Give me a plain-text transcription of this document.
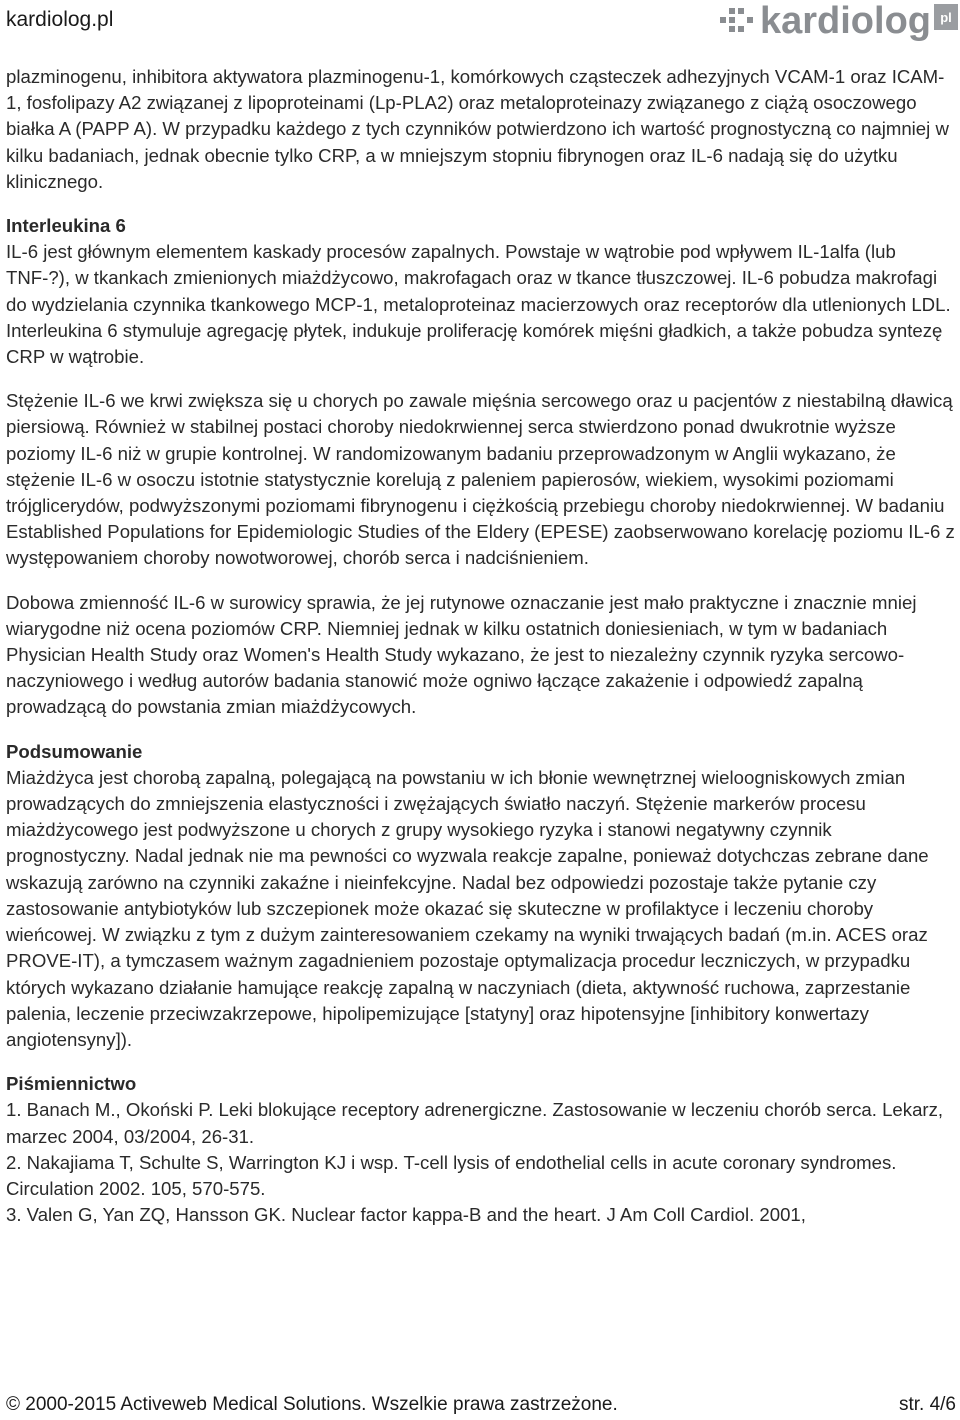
kardiolog.pl	kardiolog pl

plazminogenu, inhibitora aktywatora plazminogenu-1, komórkowych cząsteczek adhezyjnych VCAM-1 oraz ICAM-1, fosfolipazy A2 związanej z lipoproteinami (Lp-PLA2) oraz metaloproteinazy związanego z ciążą osoczowego białka A (PAPP A). W przypadku każdego z tych czynników potwierdzono ich wartość prognostyczną co najmniej w kilku badaniach, jednak obecnie tylko CRP, a w mniejszym stopniu fibrynogen oraz IL-6 nadają się do użytku klinicznego.

Interleukina 6

IL-6 jest głównym elementem kaskady procesów zapalnych. Powstaje w wątrobie pod wpływem IL-1alfa (lub TNF-?), w tkankach zmienionych miażdżycowo, makrofagach oraz w tkance tłuszczowej. IL-6 pobudza makrofagi do wydzielania czynnika tkankowego MCP-1, metaloproteinaz macierzowych oraz receptorów dla utlenionych LDL. Interleukina 6 stymuluje agregację płytek, indukuje proliferację komórek mięśni gładkich, a także pobudza syntezę CRP w wątrobie.

Stężenie IL-6 we krwi zwiększa się u chorych po zawale mięśnia sercowego oraz u pacjentów z niestabilną dławicą piersiową. Również w stabilnej postaci choroby niedokrwiennej serca stwierdzono ponad dwukrotnie wyższe poziomy IL-6 niż w grupie kontrolnej. W randomizowanym badaniu przeprowadzonym w Anglii wykazano, że stężenie IL-6 w osoczu istotnie statystycznie korelują z paleniem papierosów, wiekiem, wysokimi poziomami trójglicerydów, podwyższonymi poziomami fibrynogenu i ciężkością przebiegu choroby niedokrwiennej. W badaniu Established Populations for Epidemiologic Studies of the Eldery (EPESE) zaobserwowano korelację poziomu IL-6 z występowaniem choroby nowotworowej, chorób serca i nadciśnieniem.

Dobowa zmienność IL-6 w surowicy sprawia, że jej rutynowe oznaczanie jest mało praktyczne i znacznie mniej wiarygodne niż ocena poziomów CRP. Niemniej jednak w kilku ostatnich doniesieniach, w tym w badaniach Physician Health Study oraz Women's Health Study wykazano, że jest to niezależny czynnik ryzyka sercowo-naczyniowego i według autorów badania stanowić może ogniwo łączące zakażenie i odpowiedź zapalną prowadzącą do powstania zmian miażdżycowych.

Podsumowanie

Miażdżyca jest chorobą zapalną, polegającą na powstaniu w ich błonie wewnętrznej wieloogniskowych zmian prowadzących do zmniejszenia elastyczności i zwężających światło naczyń. Stężenie markerów procesu miażdżycowego jest podwyższone u chorych z grupy wysokiego ryzyka i stanowi negatywny czynnik prognostyczny. Nadal jednak nie ma pewności co wyzwala reakcje zapalne, ponieważ dotychczas zebrane dane wskazują zarówno na czynniki zakaźne i nieinfekcyjne. Nadal bez odpowiedzi pozostaje także pytanie czy zastosowanie antybiotyków lub szczepionek może okazać się skuteczne w profilaktyce i leczeniu choroby wieńcowej. W związku z tym z dużym zainteresowaniem czekamy na wyniki trwających badań (m.in. ACES oraz PROVE-IT), a tymczasem ważnym zagadnieniem pozostaje optymalizacja procedur leczniczych, w przypadku których wykazano działanie hamujące reakcję zapalną w naczyniach (dieta, aktywność ruchowa, zaprzestanie palenia, leczenie przeciwzakrzepowe, hipolipemizujące [statyny] oraz hipotensyjne [inhibitory konwertazy angiotensyny]).

Piśmiennictwo
1. Banach M., Okoński P. Leki blokujące receptory adrenergiczne. Zastosowanie w leczeniu chorób serca. Lekarz, marzec 2004, 03/2004, 26-31.
2. Nakajiama T, Schulte S, Warrington KJ i wsp. T-cell lysis of endothelial cells in acute coronary syndromes. Circulation 2002. 105, 570-575.
3. Valen G, Yan ZQ, Hansson GK. Nuclear factor kappa-B and the heart. J Am Coll Cardiol. 2001,
© 2000-2015 Activeweb Medical Solutions. Wszelkie prawa zastrzeżone.	str. 4/6
